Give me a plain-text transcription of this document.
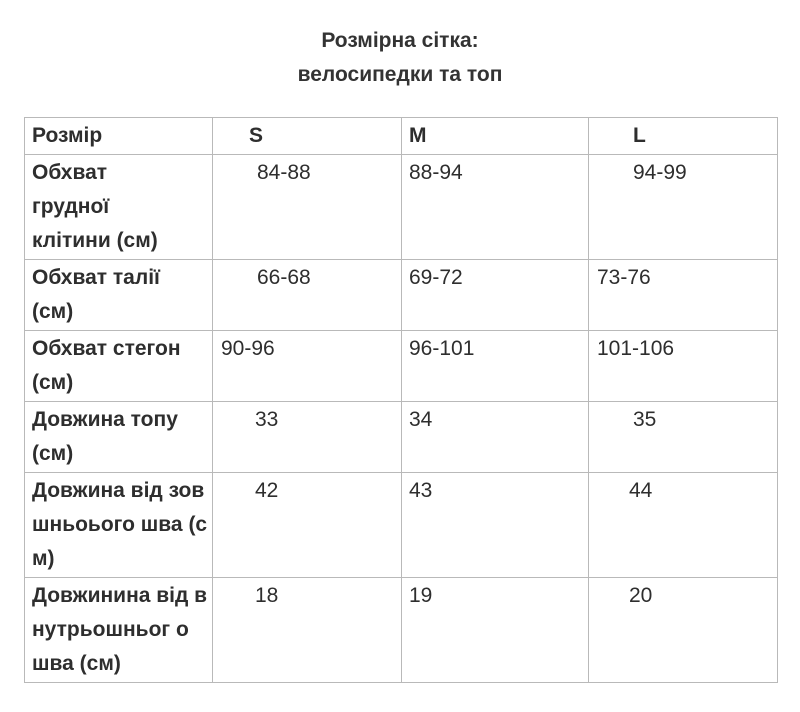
Розмірна сітка:
велосипедки та топ
Розмір	S	M	L

Обхват грудної клітини (см)	84-88	88-94	94-99

Обхват талії (см)	66-68	69-72	73-76

Обхват стегон (см)	90-96	96-101	101-106

Довжина топу (см)	33	34	35

Довжина від зовшньоього шва (см)	42	43	44

Довжинина від внутрьошньог о шва (см)	18	19	20
